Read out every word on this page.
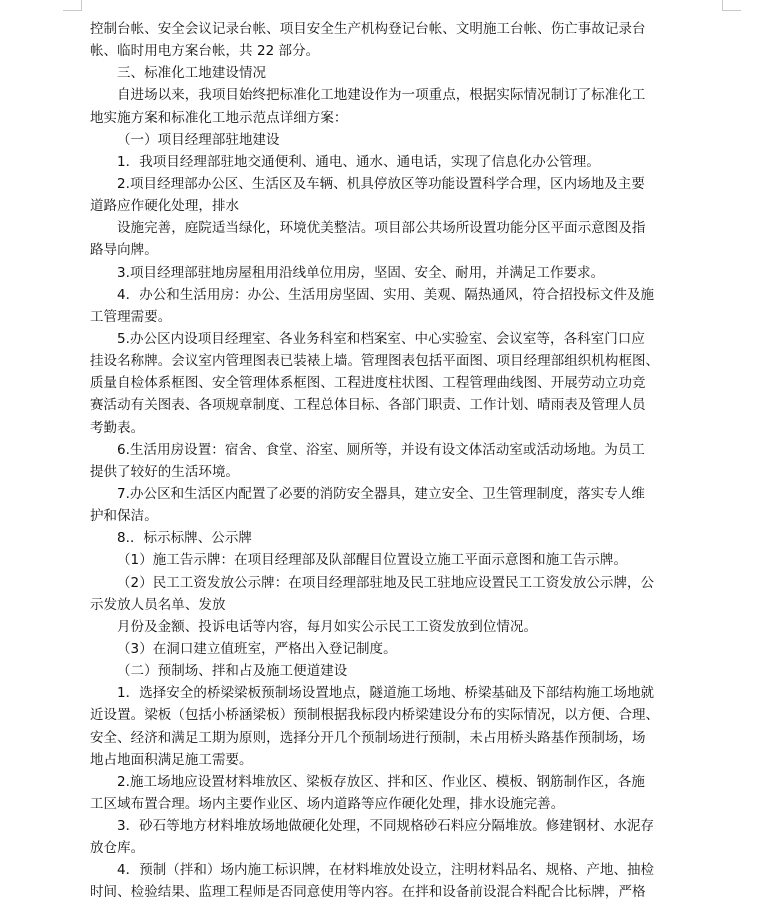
控制台帐、安全会议记录台帐、项目安全生产机构登记台帐、文明施工台帐、伤亡事故记录台
帐、临时用电方案台帐，共 22 部分。
三、标准化工地建设情况
自进场以来，我项目始终把标准化工地建设作为一项重点，根据实际情况制订了标准化工
地实施方案和标准化工地示范点详细方案：
（一）项目经理部驻地建设
1．我项目经理部驻地交通便利、通电、通水、通电话，实现了信息化办公管理。
2.项目经理部办公区、生活区及车辆、机具停放区等功能设置科学合理，区内场地及主要
道路应作硬化处理，排水
设施完善，庭院适当绿化，环境优美整洁。项目部公共场所设置功能分区平面示意图及指
路导向牌。
3.项目经理部驻地房屋租用沿线单位用房，坚固、安全、耐用，并满足工作要求。
4．办公和生活用房：办公、生活用房坚固、实用、美观、隔热通风，符合招投标文件及施
工管理需要。
5.办公区内设项目经理室、各业务科室和档案室、中心实验室、会议室等，各科室门口应
挂设名称牌。会议室内管理图表已装裱上墙。管理图表包括平面图、项目经理部组织机构框图、
质量自检体系框图、安全管理体系框图、工程进度柱状图、工程管理曲线图、开展劳动立功竞
赛活动有关图表、各项规章制度、工程总体目标、各部门职责、工作计划、晴雨表及管理人员
考勤表。
6.生活用房设置：宿舍、食堂、浴室、厕所等，并设有设文体活动室或活动场地。为员工
提供了较好的生活环境。
7.办公区和生活区内配置了必要的消防安全器具，建立安全、卫生管理制度，落实专人维
护和保洁。
8.．标示标牌、公示牌
（1）施工告示牌：在项目经理部及队部醒目位置设立施工平面示意图和施工告示牌。
（2）民工工资发放公示牌：在项目经理部驻地及民工驻地应设置民工工资发放公示牌，公
示发放人员名单、发放
月份及金额、投诉电话等内容，每月如实公示民工工资发放到位情况。
（3）在洞口建立值班室，严格出入登记制度。
（二）预制场、拌和占及施工便道建设
1．选择安全的桥梁梁板预制场设置地点，隧道施工场地、桥梁基础及下部结构施工场地就
近设置。梁板（包括小桥涵梁板）预制根据我标段内桥梁建设分布的实际情况，以方便、合理、
安全、经济和满足工期为原则，选择分开几个预制场进行预制，未占用桥头路基作预制场，场
地占地面积满足施工需要。
2.施工场地应设置材料堆放区、梁板存放区、拌和区、作业区、模板、钢筋制作区，各施
工区域布置合理。场内主要作业区、场内道路等应作硬化处理，排水设施完善。
3．砂石等地方材料堆放场地做硬化处理，不同规格砂石料应分隔堆放。修建钢材、水泥存
放仓库。
4．预制（拌和）场内施工标识牌，在材料堆放处设立，注明材料品名、规格、产地、抽检
时间、检验结果、监理工程师是否同意使用等内容。在拌和设备前设混合料配合比标牌，严格
